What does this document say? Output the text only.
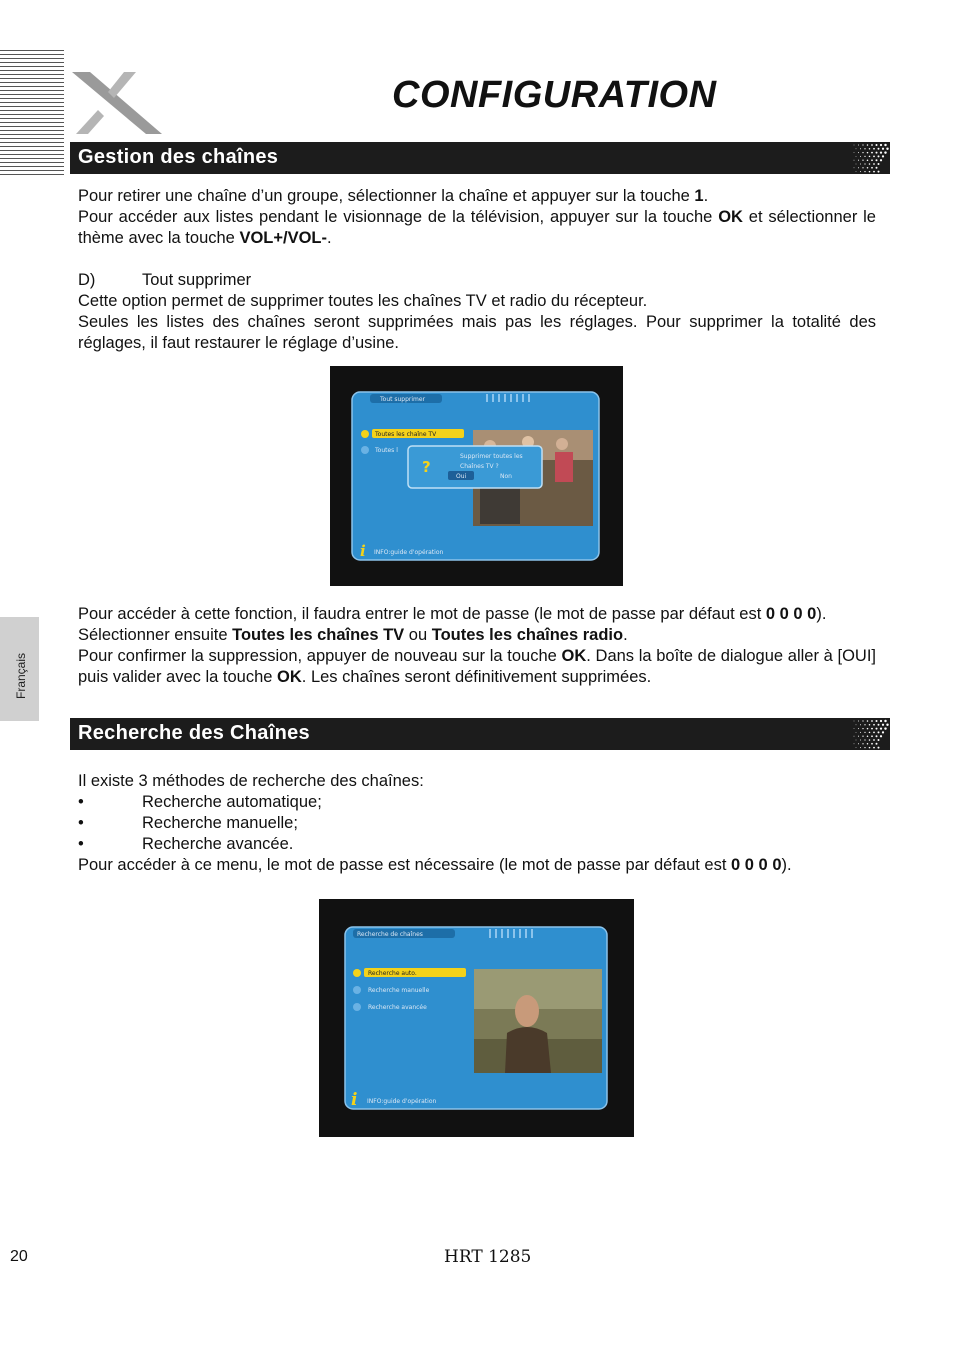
CONFIGURATION
Gestion des chaînes

Pour retirer une chaîne d’un groupe, sélectionner la chaîne et appuyer sur la touche 1.
Pour accéder aux listes pendant le visionnage de la télévision, appuyer sur la touche OK et sélectionner le thème avec la touche VOL+/VOL-.

D)	Tout supprimer
Cette option permet de supprimer toutes les chaînes TV et radio du récepteur.
Seules les listes des chaînes seront supprimées mais pas les réglages. Pour supprimer la totalité des réglages, il faut restaurer le réglage d’usine.
Tout supprimer
Toutes les chaîne TV
Toutes l
?
Supprimer toutes les
Chaînes TV ?
Oui	Non
i INFO:guide d'opération
Pour accéder à cette fonction, il faudra entrer le mot de passe (le mot de passe par défaut est 0 0 0 0).
Sélectionner ensuite Toutes les chaînes TV ou Toutes les chaînes radio.
Pour confirmer la suppression, appuyer de nouveau sur la touche OK. Dans la boîte de dialogue aller à [OUI] puis valider avec la touche OK. Les chaînes seront définitivement supprimées.
Français
Recherche des Chaînes
Il existe 3 méthodes de recherche des chaînes:
•	Recherche automatique;
•	Recherche manuelle;
•	Recherche avancée.
Pour accéder à ce menu, le mot de passe est nécessaire (le mot de passe par défaut est 0 0 0 0).
Recherche de chaînes
Recherche auto.
Recherche manuelle
Recherche avancée
i INFO:guide d'opération
20	HRT 1285
